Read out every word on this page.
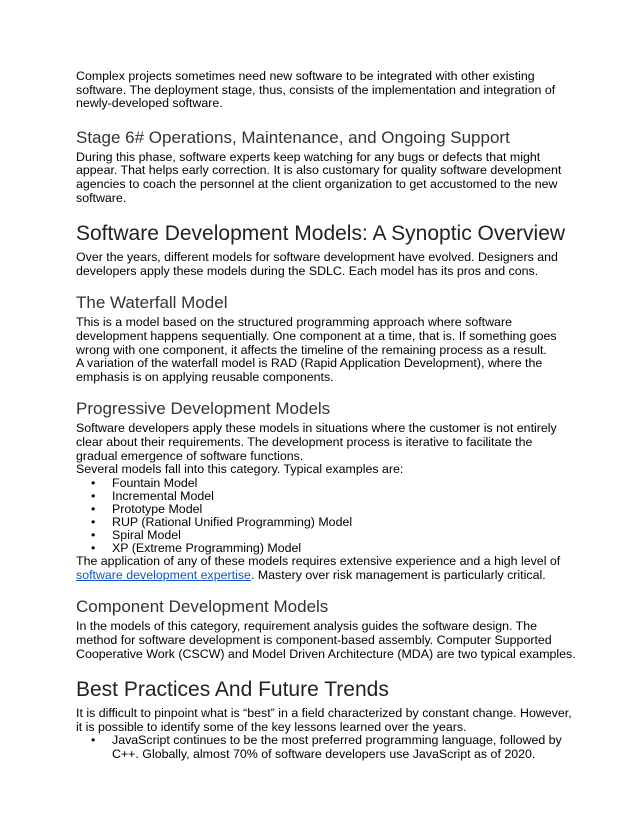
Complex projects sometimes need new software to be integrated with other existing software. The deployment stage, thus, consists of the implementation and integration of newly-developed software.

Stage 6# Operations, Maintenance, and Ongoing Support

During this phase, software experts keep watching for any bugs or defects that might appear. That helps early correction. It is also customary for quality software development agencies to coach the personnel at the client organization to get accustomed to the new software.

Software Development Models: A Synoptic Overview

Over the years, different models for software development have evolved. Designers and developers apply these models during the SDLC. Each model has its pros and cons.

The Waterfall Model

This is a model based on the structured programming approach where software development happens sequentially. One component at a time, that is. If something goes wrong with one component, it affects the timeline of the remaining process as a result.

A variation of the waterfall model is RAD (Rapid Application Development), where the emphasis is on applying reusable components.

Progressive Development Models

Software developers apply these models in situations where the customer is not entirely clear about their requirements. The development process is iterative to facilitate the gradual emergence of software functions.

Several models fall into this category. Typical examples are:

• Fountain Model
• Incremental Model
• Prototype Model
• RUP (Rational Unified Programming) Model
• Spiral Model
• XP (Extreme Programming) Model

The application of any of these models requires extensive experience and a high level of software development expertise. Mastery over risk management is particularly critical.

Component Development Models

In the models of this category, requirement analysis guides the software design. The method for software development is component-based assembly. Computer Supported Cooperative Work (CSCW) and Model Driven Architecture (MDA) are two typical examples.

Best Practices And Future Trends

It is difficult to pinpoint what is “best” in a field characterized by constant change. However, it is possible to identify some of the key lessons learned over the years.

• JavaScript continues to be the most preferred programming language, followed by C++. Globally, almost 70% of software developers use JavaScript as of 2020.
